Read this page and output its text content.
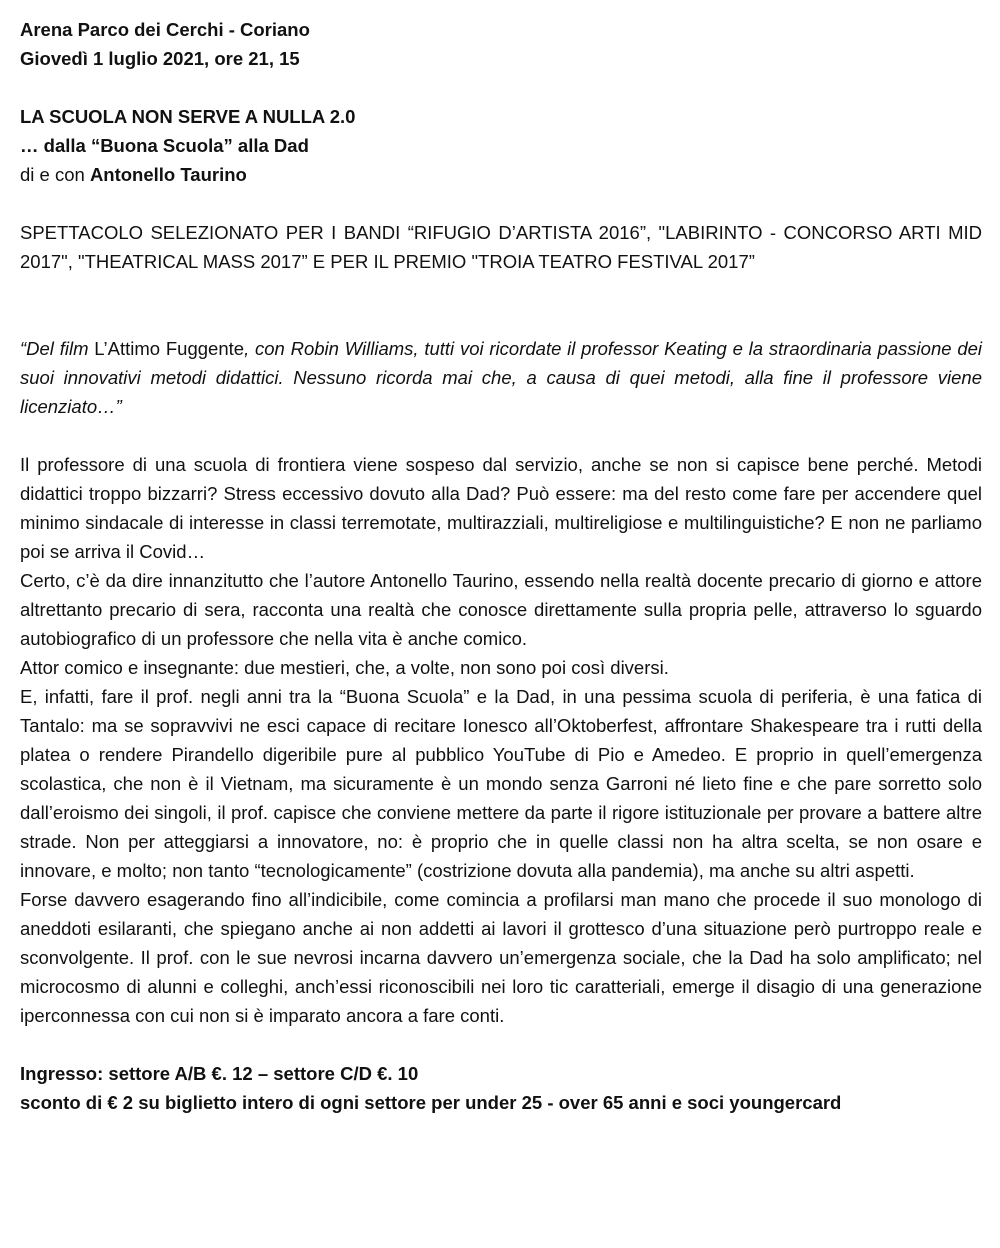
Arena Parco dei Cerchi - Coriano

Giovedì 1 luglio 2021, ore 21, 15

LA SCUOLA NON SERVE A NULLA 2.0

… dalla “Buona Scuola” alla Dad

di e con Antonello Taurino

SPETTACOLO SELEZIONATO PER I BANDI “RIFUGIO D’ARTISTA 2016”, "LABIRINTO - CONCORSO ARTI MID 2017", "THEATRICAL MASS 2017” E PER IL PREMIO "TROIA TEATRO FESTIVAL 2017”

“Del film L’Attimo Fuggente, con Robin Williams, tutti voi ricordate il professor Keating e la straordinaria passione dei suoi innovativi metodi didattici. Nessuno ricorda mai che, a causa di quei metodi, alla fine il professore viene licenziato…”

Il professore di una scuola di frontiera viene sospeso dal servizio, anche se non si capisce bene perché. Metodi didattici troppo bizzarri? Stress eccessivo dovuto alla Dad? Può essere: ma del resto come fare per accendere quel minimo sindacale di interesse in classi terremotate, multirazziali, multireligiose e multilinguistiche? E non ne parliamo poi se arriva il Covid…

Certo, c’è da dire innanzitutto che l’autore Antonello Taurino, essendo nella realtà docente precario di giorno e attore altrettanto precario di sera, racconta una realtà che conosce direttamente sulla propria pelle, attraverso lo sguardo autobiografico di un professore che nella vita è anche comico.

Attor comico e insegnante: due mestieri, che, a volte, non sono poi così diversi.

E, infatti, fare il prof. negli anni tra la “Buona Scuola” e la Dad, in una pessima scuola di periferia, è una fatica di Tantalo: ma se sopravvivi ne esci capace di recitare Ionesco all’Oktoberfest, affrontare Shakespeare tra i rutti della platea o rendere Pirandello digeribile pure al pubblico YouTube di Pio e Amedeo. E proprio in quell’emergenza scolastica, che non è il Vietnam, ma sicuramente è un mondo senza Garroni né lieto fine e che pare sorretto solo dall’eroismo dei singoli, il prof. capisce che conviene mettere da parte il rigore istituzionale per provare a battere altre strade. Non per atteggiarsi a innovatore, no: è proprio che in quelle classi non ha altra scelta, se non osare e innovare, e molto; non tanto “tecnologicamente” (costrizione dovuta alla pandemia), ma anche su altri aspetti.

Forse davvero esagerando fino all’indicibile, come comincia a profilarsi man mano che procede il suo monologo di aneddoti esilaranti, che spiegano anche ai non addetti ai lavori il grottesco d’una situazione però purtroppo reale e sconvolgente. Il prof. con le sue nevrosi incarna davvero un’emergenza sociale, che la Dad ha solo amplificato; nel microcosmo di alunni e colleghi, anch’essi riconoscibili nei loro tic caratteriali, emerge il disagio di una generazione iperconnessa con cui non si è imparato ancora a fare conti.

Ingresso: settore A/B €. 12 – settore C/D €. 10

sconto di € 2 su biglietto intero di ogni settore per under 25 - over 65 anni e soci youngercard
